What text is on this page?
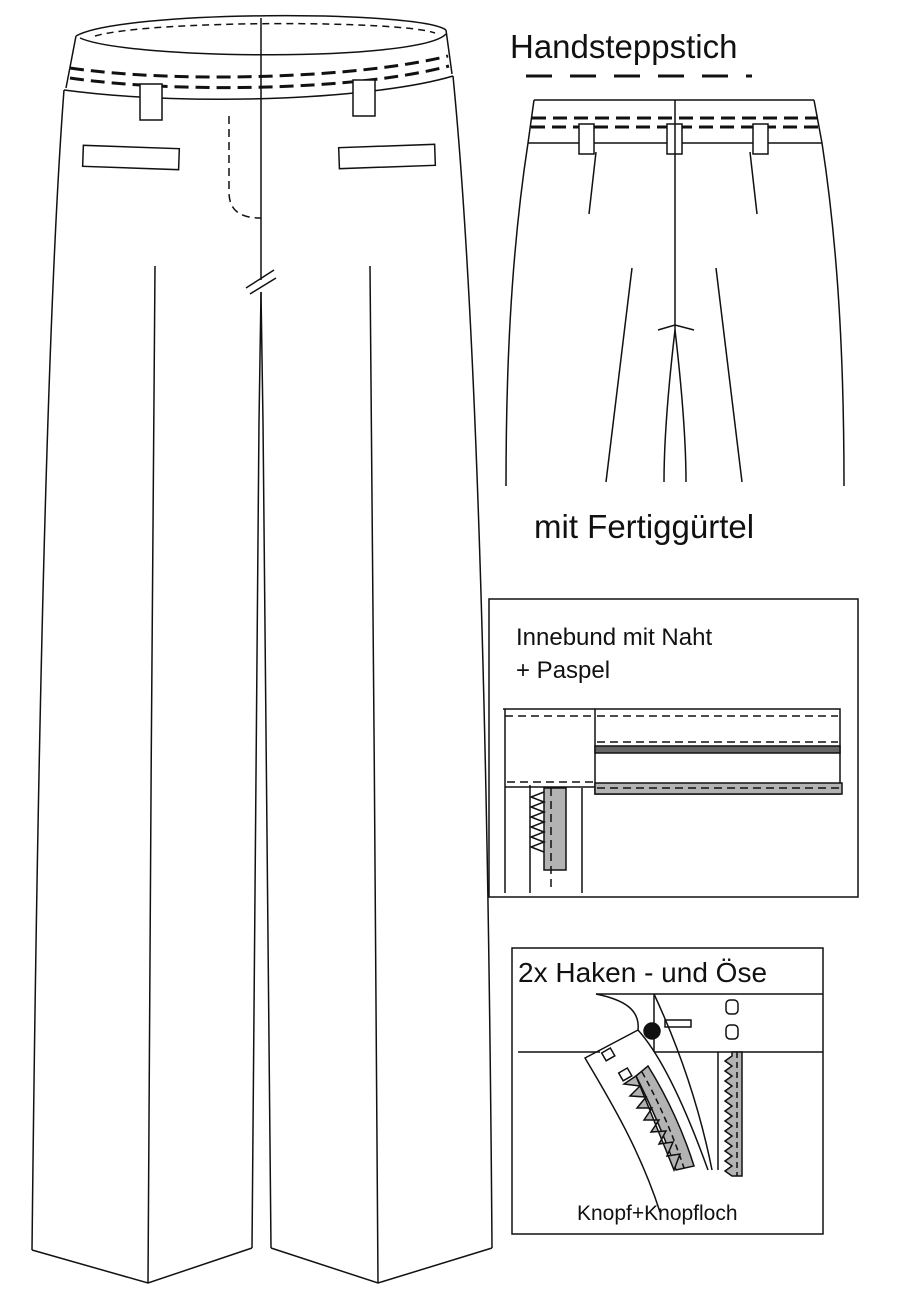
Handsteppstich
mit Fertiggürtel
Innebund mit Naht
+ Paspel
2x Haken - und Öse
Knopf+Knopfloch
